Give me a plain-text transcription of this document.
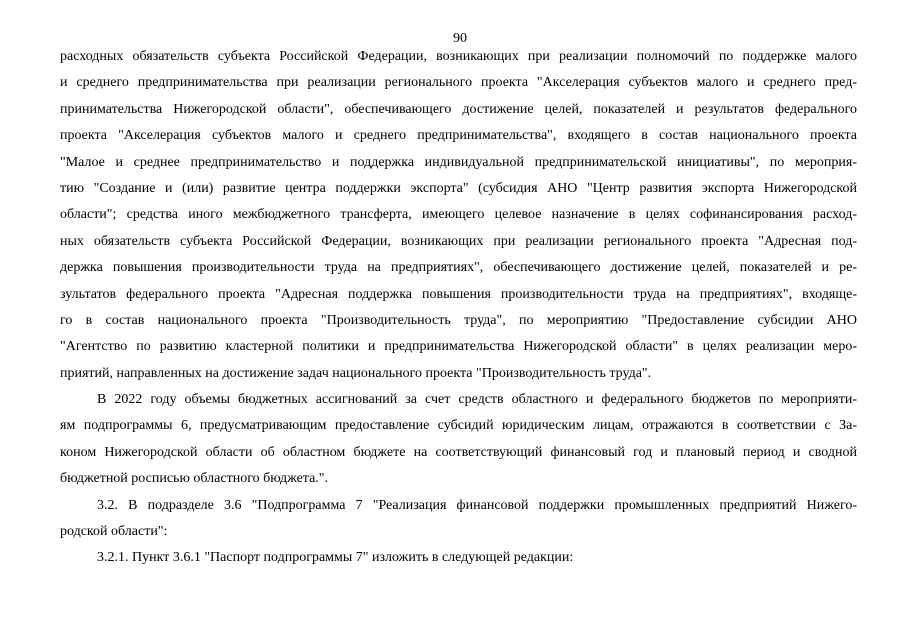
90
расходных обязательств субъекта Российской Федерации, возникающих при реализации полномочий по поддержке малого
и среднего предпринимательства при реализации регионального проекта "Акселерация субъектов малого и среднего пред-
принимательства Нижегородской области", обеспечивающего достижение целей, показателей и результатов федерального
проекта "Акселерация субъектов малого и среднего предпринимательства", входящего в состав национального проекта
"Малое и среднее предпринимательство и поддержка индивидуальной предпринимательской инициативы", по мероприя-
тию "Создание и (или) развитие центра поддержки экспорта" (субсидия АНО "Центр развития экспорта Нижегородской
области"; средства иного межбюджетного трансферта, имеющего целевое назначение в целях софинансирования расход-
ных обязательств субъекта Российской Федерации, возникающих при реализации регионального проекта "Адресная под-
держка повышения производительности труда на предприятиях", обеспечивающего достижение целей, показателей и ре-
зультатов федерального проекта "Адресная поддержка повышения производительности труда на предприятиях", входяще-
го в состав национального проекта "Производительность труда", по мероприятию "Предоставление субсидии АНО
"Агентство по развитию кластерной политики и предпринимательства Нижегородской области" в целях реализации меро-
приятий, направленных на достижение задач национального проекта "Производительность труда".
В 2022 году объемы бюджетных ассигнований за счет средств областного и федерального бюджетов по мероприяти-
ям подпрограммы 6, предусматривающим предоставление субсидий юридическим лицам, отражаются в соответствии с За-
коном Нижегородской области об областном бюджете на соответствующий финансовый год и плановый период и сводной
бюджетной росписью областного бюджета.".
3.2. В подразделе 3.6 "Подпрограмма 7 "Реализация финансовой поддержки промышленных предприятий Нижего-
родской области":
3.2.1. Пункт 3.6.1 "Паспорт подпрограммы 7" изложить в следующей редакции:
